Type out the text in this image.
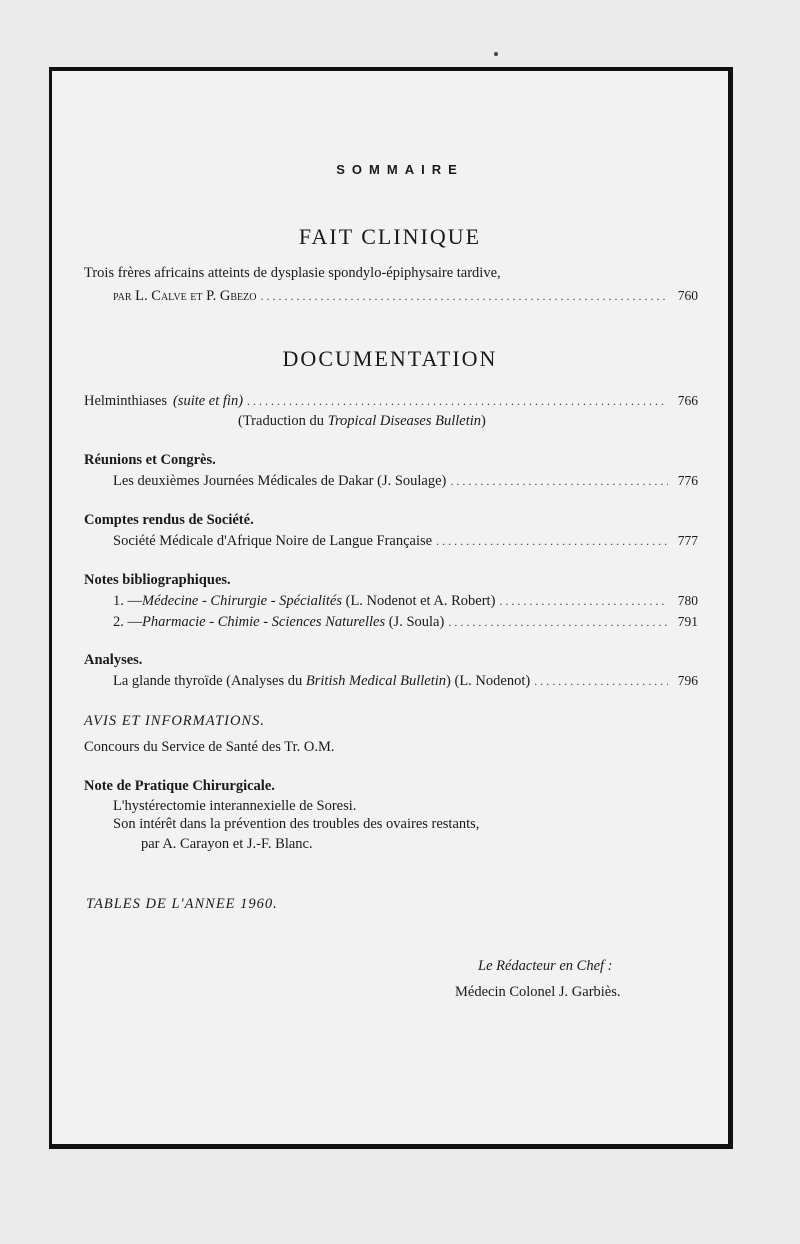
SOMMAIRE
FAIT CLINIQUE
Trois frères africains atteints de dysplasie spondylo-épiphysaire tardive,
par L. Calve et P. Gbezo .....	760
DOCUMENTATION
Helminthiases (suite et fin) .....	766
(Traduction du Tropical Diseases Bulletin)
Réunions et Congrès.
Les deuxièmes Journées Médicales de Dakar (J. Soulage) .....	776
Comptes rendus de Société.
Société Médicale d'Afrique Noire de Langue Française .....	777
Notes bibliographiques.
1. — Médecine - Chirurgie - Spécialités (L. Nodenot et A. Robert) .....	780
2. — Pharmacie - Chimie - Sciences Naturelles (J. Soula) .....	791
Analyses.
La glande thyroïde (Analyses du British Medical Bulletin ) (L. Nodenot) .....	796
AVIS ET INFORMATIONS.
Concours du Service de Santé des Tr. O.M.
Note de Pratique Chirurgicale.
L'hystérectomie interannexielle de Soresi.
Son intérêt dans la prévention des troubles des ovaires restants,
par A. Carayon et J.-F. Blanc.
TABLES DE L'ANNEE 1960.
Le Rédacteur en Chef :
Médecin Colonel J. Garbiès.
